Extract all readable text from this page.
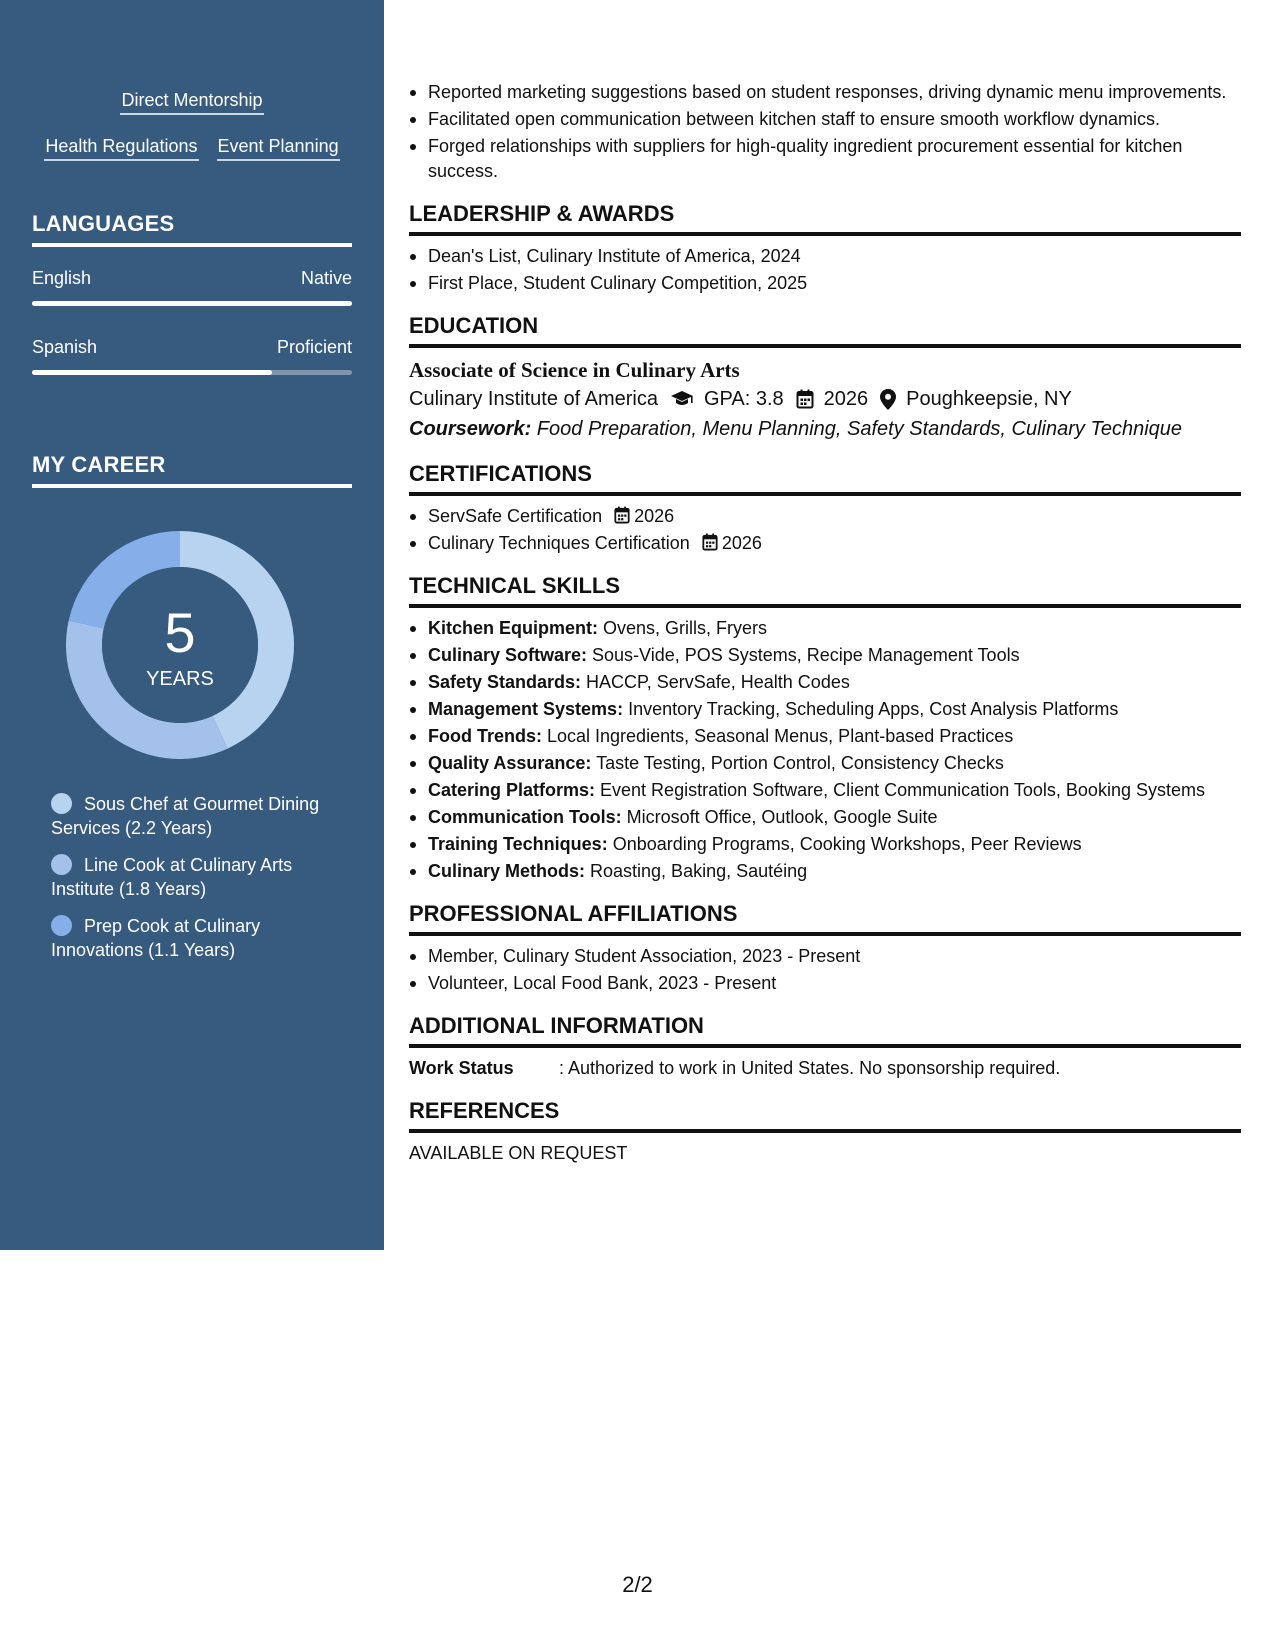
Direct Mentorship
Health Regulations Event Planning
LANGUAGES
English	Native
Spanish	Proficient
MY CAREER
5
YEARS
Sous Chef at Gourmet Dining Services (2.2 Years)
Line Cook at Culinary Arts Institute (1.8 Years)
Prep Cook at Culinary Innovations (1.1 Years)
Reported marketing suggestions based on student responses, driving dynamic menu improvements.
Facilitated open communication between kitchen staff to ensure smooth workflow dynamics.
Forged relationships with suppliers for high-quality ingredient procurement essential for kitchen success.
LEADERSHIP & AWARDS
Dean's List, Culinary Institute of America, 2024
First Place, Student Culinary Competition, 2025
EDUCATION
Associate of Science in Culinary Arts
Culinary Institute of America GPA: 3.8 2026 Poughkeepsie, NY
Coursework: Food Preparation, Menu Planning, Safety Standards, Culinary Technique
CERTIFICATIONS
ServSafe Certification 2026
Culinary Techniques Certification 2026
TECHNICAL SKILLS
Kitchen Equipment: Ovens, Grills, Fryers
Culinary Software: Sous-Vide, POS Systems, Recipe Management Tools
Safety Standards: HACCP, ServSafe, Health Codes
Management Systems: Inventory Tracking, Scheduling Apps, Cost Analysis Platforms
Food Trends: Local Ingredients, Seasonal Menus, Plant-based Practices
Quality Assurance: Taste Testing, Portion Control, Consistency Checks
Catering Platforms: Event Registration Software, Client Communication Tools, Booking Systems
Communication Tools: Microsoft Office, Outlook, Google Suite
Training Techniques: Onboarding Programs, Cooking Workshops, Peer Reviews
Culinary Methods: Roasting, Baking, Sautéing
PROFESSIONAL AFFILIATIONS
Member, Culinary Student Association, 2023 - Present
Volunteer, Local Food Bank, 2023 - Present
ADDITIONAL INFORMATION
Work Status	: Authorized to work in United States. No sponsorship required.
REFERENCES
AVAILABLE ON REQUEST
2/2
